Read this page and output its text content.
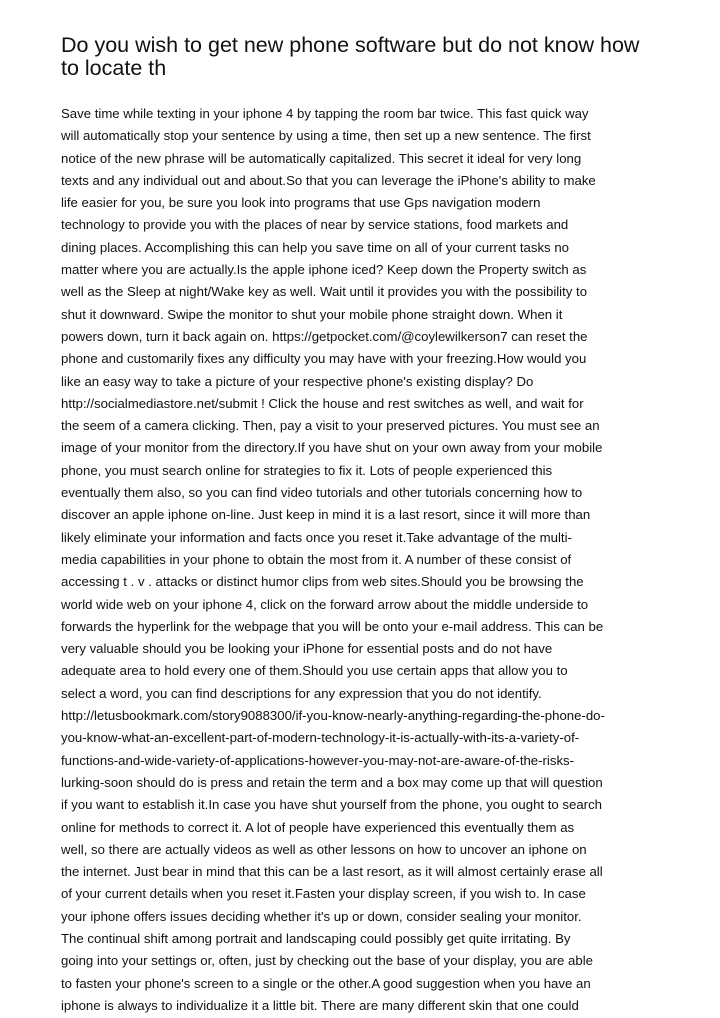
Do you wish to get new phone software but do not know how
to locate th
Save time while texting in your iphone 4 by tapping the room bar twice. This fast quick way
will automatically stop your sentence by using a time, then set up a new sentence. The first
notice of the new phrase will be automatically capitalized. This secret it ideal for very long
texts and any individual out and about.So that you can leverage the iPhone's ability to make
life easier for you, be sure you look into programs that use Gps navigation modern
technology to provide you with the places of near by service stations, food markets and
dining places. Accomplishing this can help you save time on all of your current tasks no
matter where you are actually.Is the apple iphone iced? Keep down the Property switch as
well as the Sleep at night/Wake key as well. Wait until it provides you with the possibility to
shut it downward. Swipe the monitor to shut your mobile phone straight down. When it
powers down, turn it back again on. https://getpocket.com/@coylewilkerson7 can reset the
phone and customarily fixes any difficulty you may have with your freezing.How would you
like an easy way to take a picture of your respective phone's existing display? Do
http://socialmediastore.net/submit ! Click the house and rest switches as well, and wait for
the seem of a camera clicking. Then, pay a visit to your preserved pictures. You must see an
image of your monitor from the directory.If you have shut on your own away from your mobile
phone, you must search online for strategies to fix it. Lots of people experienced this
eventually them also, so you can find video tutorials and other tutorials concerning how to
discover an apple iphone on-line. Just keep in mind it is a last resort, since it will more than
likely eliminate your information and facts once you reset it.Take advantage of the multi-
media capabilities in your phone to obtain the most from it. A number of these consist of
accessing t . v . attacks or distinct humor clips from web sites.Should you be browsing the
world wide web on your iphone 4, click on the forward arrow about the middle underside to
forwards the hyperlink for the webpage that you will be onto your e-mail address. This can be
very valuable should you be looking your iPhone for essential posts and do not have
adequate area to hold every one of them.Should you use certain apps that allow you to
select a word, you can find descriptions for any expression that you do not identify.
http://letusbookmark.com/story9088300/if-you-know-nearly-anything-regarding-the-phone-do-
you-know-what-an-excellent-part-of-modern-technology-it-is-actually-with-its-a-variety-of-
functions-and-wide-variety-of-applications-however-you-may-not-are-aware-of-the-risks-
lurking-soon should do is press and retain the term and a box may come up that will question
if you want to establish it.In case you have shut yourself from the phone, you ought to search
online for methods to correct it. A lot of people have experienced this eventually them as
well, so there are actually videos as well as other lessons on how to uncover an iphone on
the internet. Just bear in mind that this can be a last resort, as it will almost certainly erase all
of your current details when you reset it.Fasten your display screen, if you wish to. In case
your iphone offers issues deciding whether it's up or down, consider sealing your monitor.
The continual shift among portrait and landscaping could possibly get quite irritating. By
going into your settings or, often, just by checking out the base of your display, you are able
to fasten your phone's screen to a single or the other.A good suggestion when you have an
iphone is always to individualize it a little bit. There are many different skin that one could
